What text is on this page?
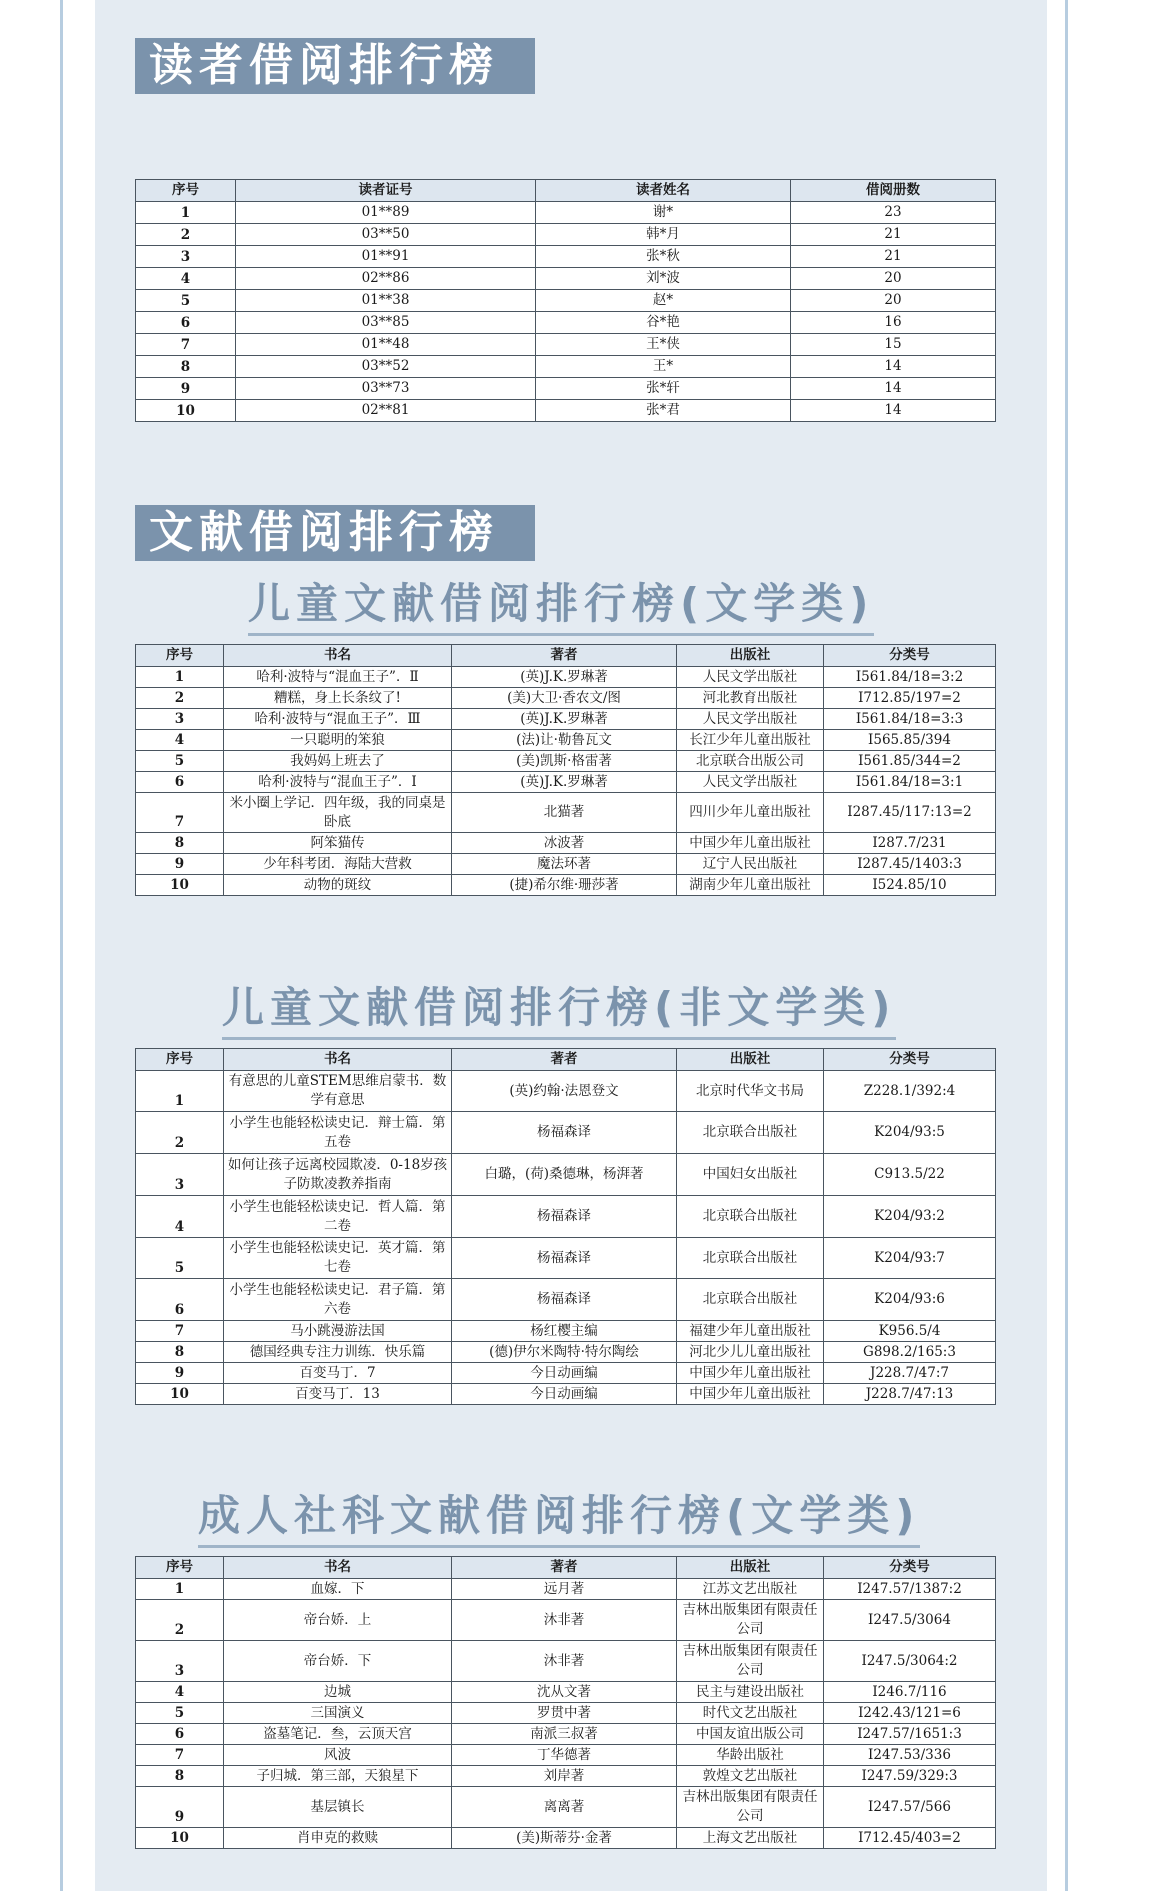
读者借阅排行榜
序号	读者证号	读者姓名	借阅册数
1	01**89	谢*	23
2	03**50	韩*月	21
3	01**91	张*秋	21
4	02**86	刘*波	20
5	01**38	赵*	20
6	03**85	谷*艳	16
7	01**48	王*侠	15
8	03**52	王*	14
9	03**73	张*轩	14
10	02**81	张*君	14
文献借阅排行榜
儿童文献借阅排行榜(文学类)
序号	书名	著者	出版社	分类号
1	哈利·波特与“混血王子”．Ⅱ	(英)J.K.罗琳著	人民文学出版社	I561.84/18=3:2
2	糟糕，身上长条纹了!	(美)大卫·香农文/图	河北教育出版社	I712.85/197=2
3	哈利·波特与“混血王子”．Ⅲ	(英)J.K.罗琳著	人民文学出版社	I561.84/18=3:3
4	一只聪明的笨狼	(法)让·勒鲁瓦文	长江少年儿童出版社	I565.85/394
5	我妈妈上班去了	(美)凯斯·格雷著	北京联合出版公司	I561.85/344=2
6	哈利·波特与“混血王子”．Ⅰ	(英)J.K.罗琳著	人民文学出版社	I561.84/18=3:1
7	米小圈上学记．四年级，我的同桌是卧底	北猫著	四川少年儿童出版社	I287.45/117:13=2
8	阿笨猫传	冰波著	中国少年儿童出版社	I287.7/231
9	少年科考团．海陆大营救	魔法环著	辽宁人民出版社	I287.45/1403:3
10	动物的斑纹	(捷)希尔维·珊莎著	湖南少年儿童出版社	I524.85/10
儿童文献借阅排行榜(非文学类)
序号	书名	著者	出版社	分类号
1	有意思的儿童STEM思维启蒙书．数学有意思	(英)约翰·法恩登文	北京时代华文书局	Z228.1/392:4
2	小学生也能轻松读史记．辩士篇．第五卷	杨福森译	北京联合出版社	K204/93:5
3	如何让孩子远离校园欺凌．0-18岁孩子防欺凌教养指南	白璐，(荷)桑德琳，杨湃著	中国妇女出版社	C913.5/22
4	小学生也能轻松读史记．哲人篇．第二卷	杨福森译	北京联合出版社	K204/93:2
5	小学生也能轻松读史记．英才篇．第七卷	杨福森译	北京联合出版社	K204/93:7
6	小学生也能轻松读史记．君子篇．第六卷	杨福森译	北京联合出版社	K204/93:6
7	马小跳漫游法国	杨红樱主编	福建少年儿童出版社	K956.5/4
8	德国经典专注力训练．快乐篇	(德)伊尔米陶特·特尔陶绘	河北少儿儿童出版社	G898.2/165:3
9	百变马丁．7	今日动画编	中国少年儿童出版社	J228.7/47:7
10	百变马丁．13	今日动画编	中国少年儿童出版社	J228.7/47:13
成人社科文献借阅排行榜(文学类)
序号	书名	著者	出版社	分类号
1	血嫁．下	远月著	江苏文艺出版社	I247.57/1387:2
2	帝台娇．上	沐非著	吉林出版集团有限责任公司	I247.5/3064
3	帝台娇．下	沐非著	吉林出版集团有限责任公司	I247.5/3064:2
4	边城	沈从文著	民主与建设出版社	I246.7/116
5	三国演义	罗贯中著	时代文艺出版社	I242.43/121=6
6	盗墓笔记．叁，云顶天宫	南派三叔著	中国友谊出版公司	I247.57/1651:3
7	风波	丁华德著	华龄出版社	I247.53/336
8	子归城．第三部，天狼星下	刘岸著	敦煌文艺出版社	I247.59/329:3
9	基层镇长	离离著	吉林出版集团有限责任公司	I247.57/566
10	肖申克的救赎	(美)斯蒂芬·金著	上海文艺出版社	I712.45/403=2
